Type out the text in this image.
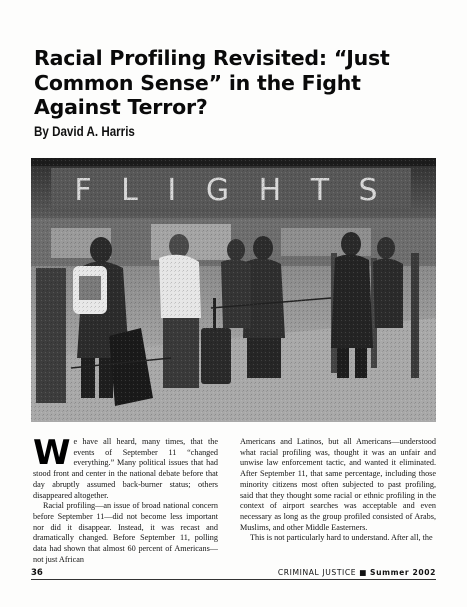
Racial Profiling Revisited: “Just
Common Sense” in the Fight
Against Terror?
By David A. Harris

We have all heard, many times, that the events of September 11 “changed everything.” Many political issues that had stood front and center in the national debate before that day abruptly assumed back-burner status; others disappeared altogether.

Racial profiling—an issue of broad national concern before September 11—did not become less important nor did it disappear. Instead, it was recast and dramatically changed. Before September 11, polling data had shown that almost 60 percent of Americans—not just African

Americans and Latinos, but all Americans—understood what racial profiling was, thought it was an unfair and unwise law enforcement tactic, and wanted it eliminated. After September 11, that same percentage, including those minority citizens most often subjected to past profiling, said that they thought some racial or ethnic profiling in the context of airport searches was acceptable and even necessary as long as the group profiled consisted of Arabs, Muslims, and other Middle Easterners.

This is not particularly hard to understand. After all, the

36	CRIMINAL JUSTICE ■ Summer 2002
